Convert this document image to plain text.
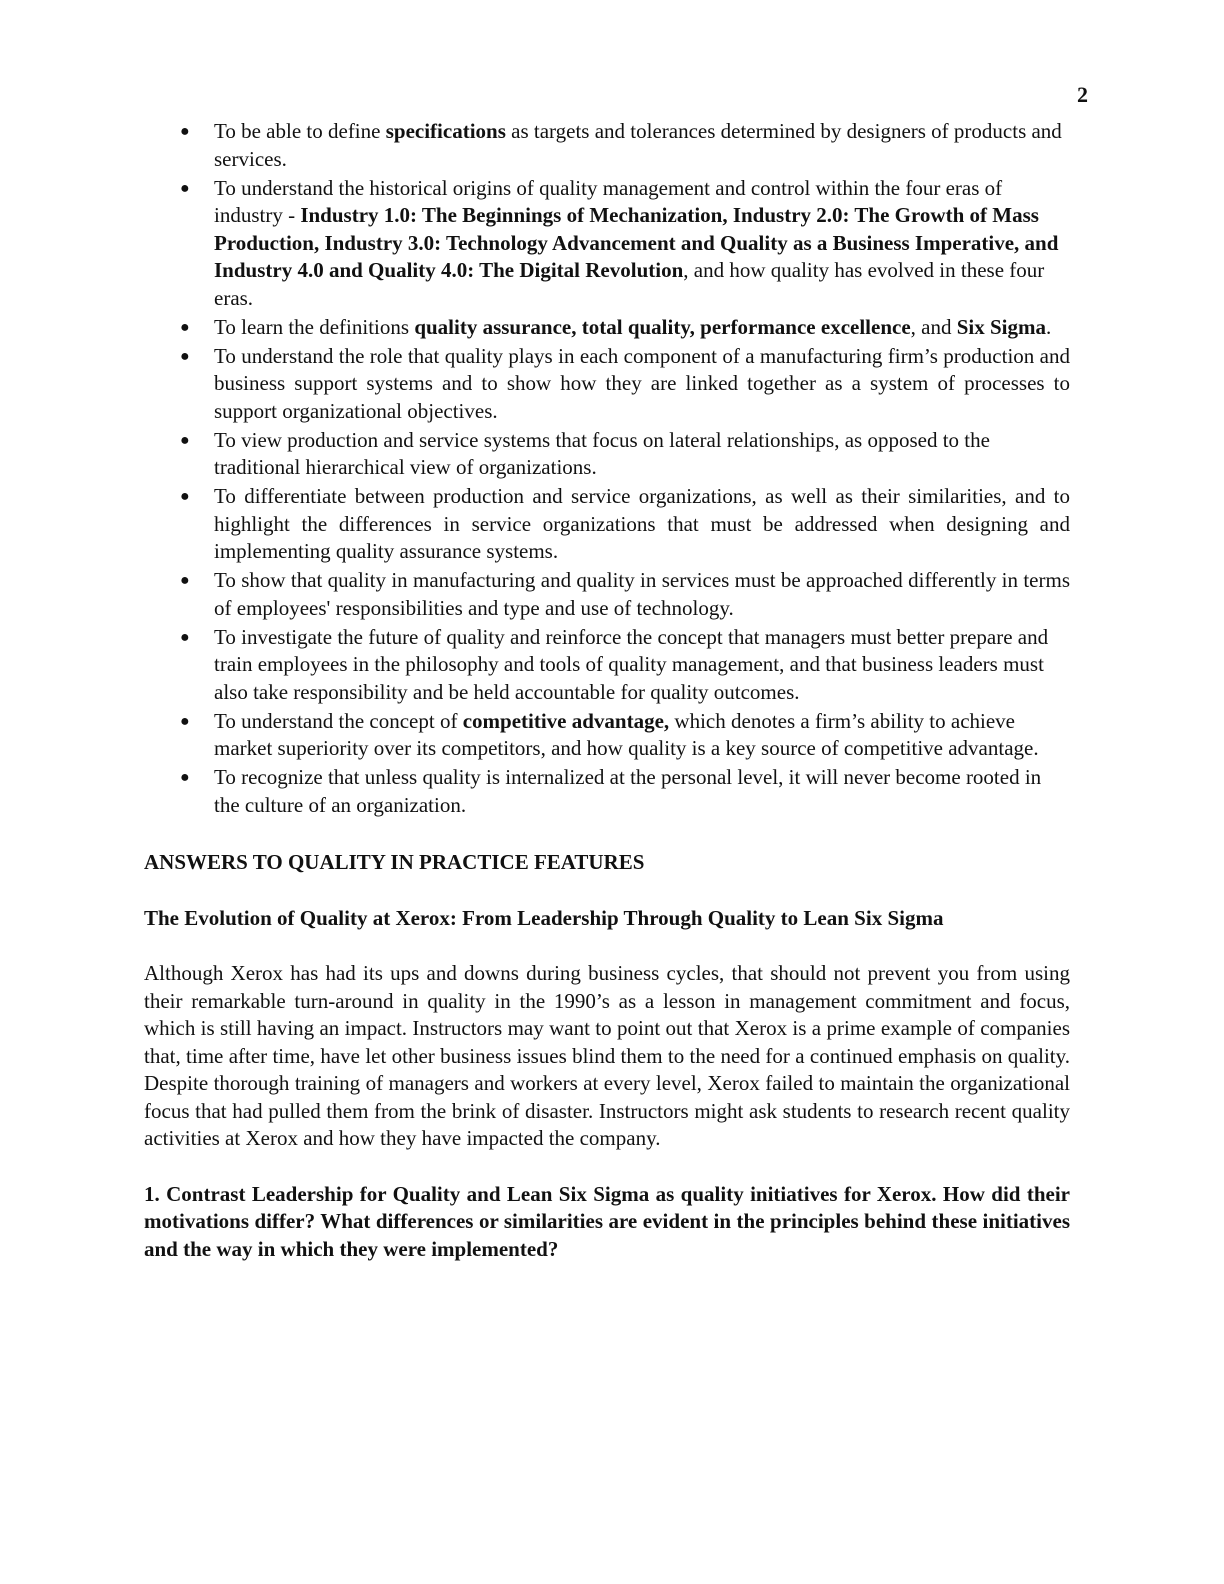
2
● To be able to define specifications as targets and tolerances determined by designers of products and services.
● To understand the historical origins of quality management and control within the four eras of industry - Industry 1.0: The Beginnings of Mechanization, Industry 2.0: The Growth of Mass Production, Industry 3.0: Technology Advancement and Quality as a Business Imperative, and Industry 4.0 and Quality 4.0: The Digital Revolution, and how quality has evolved in these four eras.
● To learn the definitions quality assurance, total quality, performance excellence, and Six Sigma.
● To understand the role that quality plays in each component of a manufacturing firm’s production and business support systems and to show how they are linked together as a system of processes to support organizational objectives.
● To view production and service systems that focus on lateral relationships, as opposed to the traditional hierarchical view of organizations.
● To differentiate between production and service organizations, as well as their similarities, and to highlight the differences in service organizations that must be addressed when designing and implementing quality assurance systems.
● To show that quality in manufacturing and quality in services must be approached differently in terms of employees' responsibilities and type and use of technology.
● To investigate the future of quality and reinforce the concept that managers must better prepare and train employees in the philosophy and tools of quality management, and that business leaders must also take responsibility and be held accountable for quality outcomes.
● To understand the concept of competitive advantage, which denotes a firm’s ability to achieve market superiority over its competitors, and how quality is a key source of competitive advantage.
● To recognize that unless quality is internalized at the personal level, it will never become rooted in the culture of an organization.
ANSWERS TO QUALITY IN PRACTICE FEATURES
The Evolution of Quality at Xerox: From Leadership Through Quality to Lean Six Sigma

Although Xerox has had its ups and downs during business cycles, that should not prevent you from using their remarkable turn-around in quality in the 1990’s as a lesson in management commitment and focus, which is still having an impact. Instructors may want to point out that Xerox is a prime example of companies that, time after time, have let other business issues blind them to the need for a continued emphasis on quality. Despite thorough training of managers and workers at every level, Xerox failed to maintain the organizational focus that had pulled them from the brink of disaster. Instructors might ask students to research recent quality activities at Xerox and how they have impacted the company.

1. Contrast Leadership for Quality and Lean Six Sigma as quality initiatives for Xerox. How did their motivations differ? What differences or similarities are evident in the principles behind these initiatives and the way in which they were implemented?
